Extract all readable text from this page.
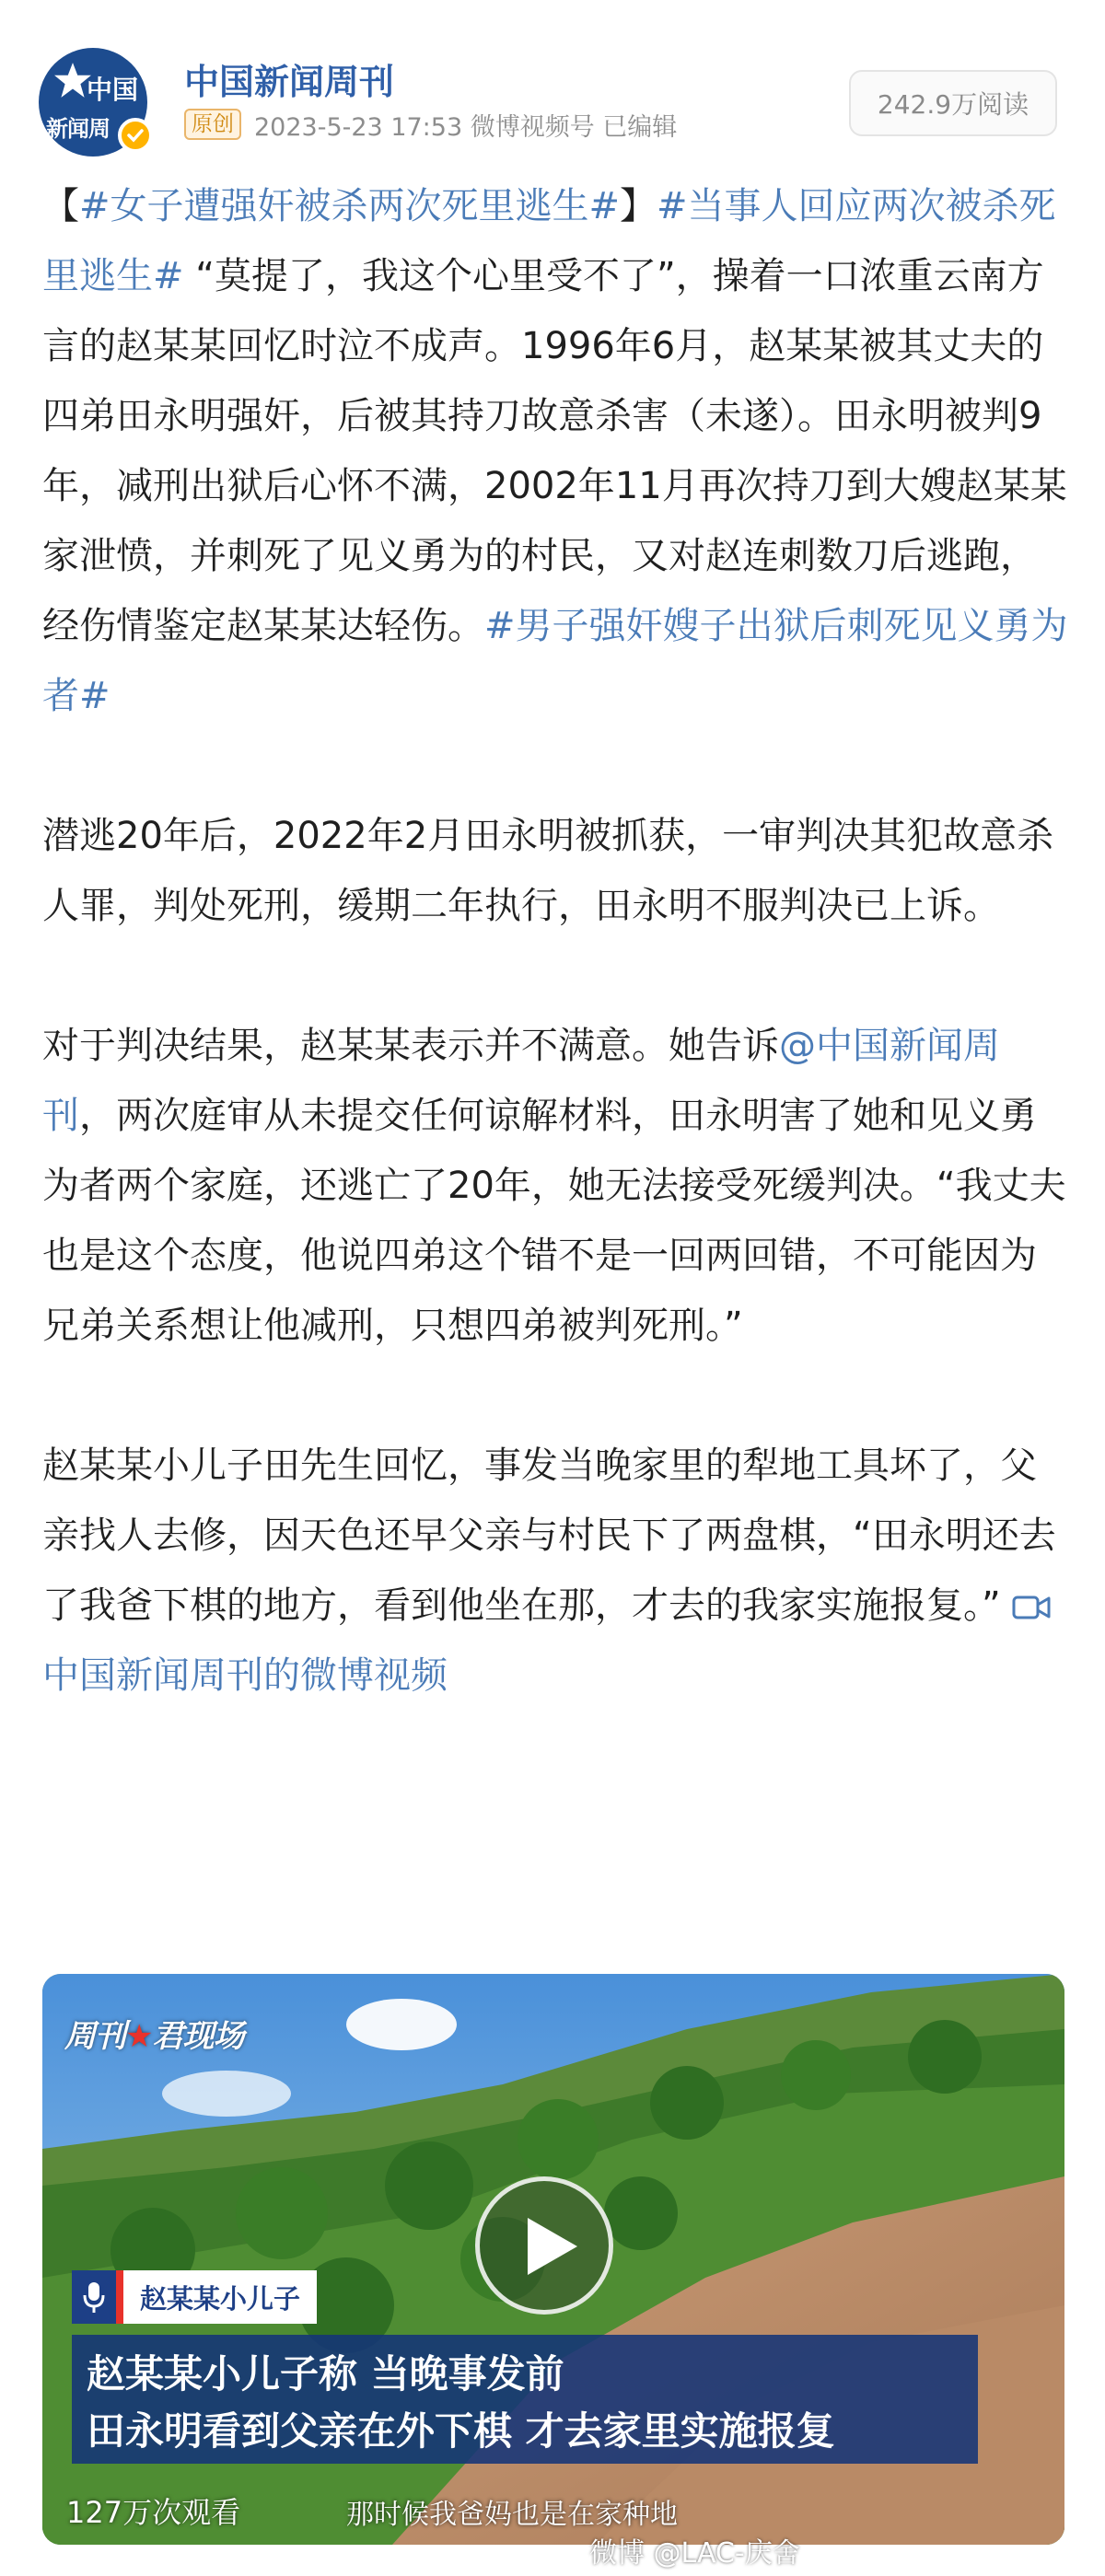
中国
新闻周
中国新闻周刊
原创 2023-5-23 17:53 微博视频号 已编辑
242.9万阅读

【#女子遭强奸被杀两次死里逃生#】#当事人回应两次被杀死里逃生# “莫提了，我这个心里受不了”，操着一口浓重云南方言的赵某某回忆时泣不成声。1996年6月，赵某某被其丈夫的四弟田永明强奸，后被其持刀故意杀害（未遂）。田永明被判9年，减刑出狱后心怀不满，2002年11月再次持刀到大嫂赵某某家泄愤，并刺死了见义勇为的村民，又对赵连刺数刀后逃跑，经伤情鉴定赵某某达轻伤。#男子强奸嫂子出狱后刺死见义勇为者#

潜逃20年后，2022年2月田永明被抓获，一审判决其犯故意杀人罪，判处死刑，缓期二年执行，田永明不服判决已上诉。

对于判决结果，赵某某表示并不满意。她告诉@中国新闻周刊，两次庭审从未提交任何谅解材料，田永明害了她和见义勇为者两个家庭，还逃亡了20年，她无法接受死缓判决。“我丈夫也是这个态度，他说四弟这个错不是一回两回错，不可能因为兄弟关系想让他减刑，只想四弟被判死刑。”

赵某某小儿子田先生回忆，事发当晚家里的犁地工具坏了，父亲找人去修，因天色还早父亲与村民下了两盘棋，“田永明还去了我爸下棋的地方，看到他坐在那，才去的我家实施报复。” 中国新闻周刊的微博视频

周刊★君现场
赵某某小儿子
赵某某小儿子称 当晚事发前
田永明看到父亲在外下棋 才去家里实施报复
127万次观看	那时候我爸妈也是在家种地
微博 @LAC-庆舍
